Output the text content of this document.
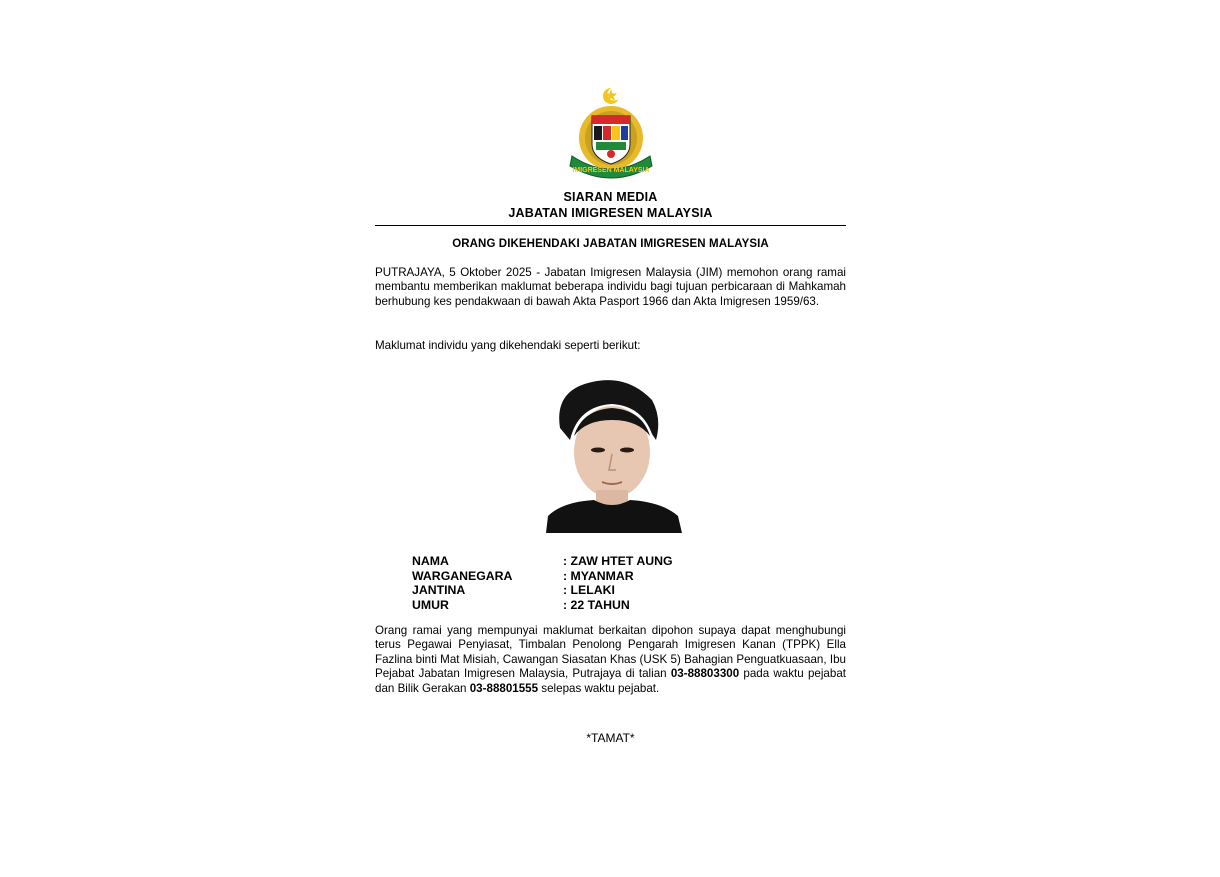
IMIGRESEN MALAYSIA
SIARAN MEDIA
JABATAN IMIGRESEN MALAYSIA
ORANG DIKEHENDAKI JABATAN IMIGRESEN MALAYSIA
PUTRAJAYA, 5 Oktober 2025 - Jabatan Imigresen Malaysia (JIM) memohon orang ramai membantu memberikan maklumat beberapa individu bagi tujuan perbicaraan di Mahkamah berhubung kes pendakwaan di bawah Akta Pasport 1966 dan Akta Imigresen 1959/63.
Maklumat individu yang dikehendaki seperti berikut:
NAMA	: ZAW HTET AUNG
WARGANEGARA	: MYANMAR
JANTINA	: LELAKI
UMUR	: 22 TAHUN
Orang ramai yang mempunyai maklumat berkaitan dipohon supaya dapat menghubungi terus Pegawai Penyiasat, Timbalan Penolong Pengarah Imigresen Kanan (TPPK) Ella Fazlina binti Mat Misiah, Cawangan Siasatan Khas (USK 5) Bahagian Penguatkuasaan, Ibu Pejabat Jabatan Imigresen Malaysia, Putrajaya di talian 03-88803300 pada waktu pejabat dan Bilik Gerakan 03-88801555 selepas waktu pejabat.
*TAMAT*
